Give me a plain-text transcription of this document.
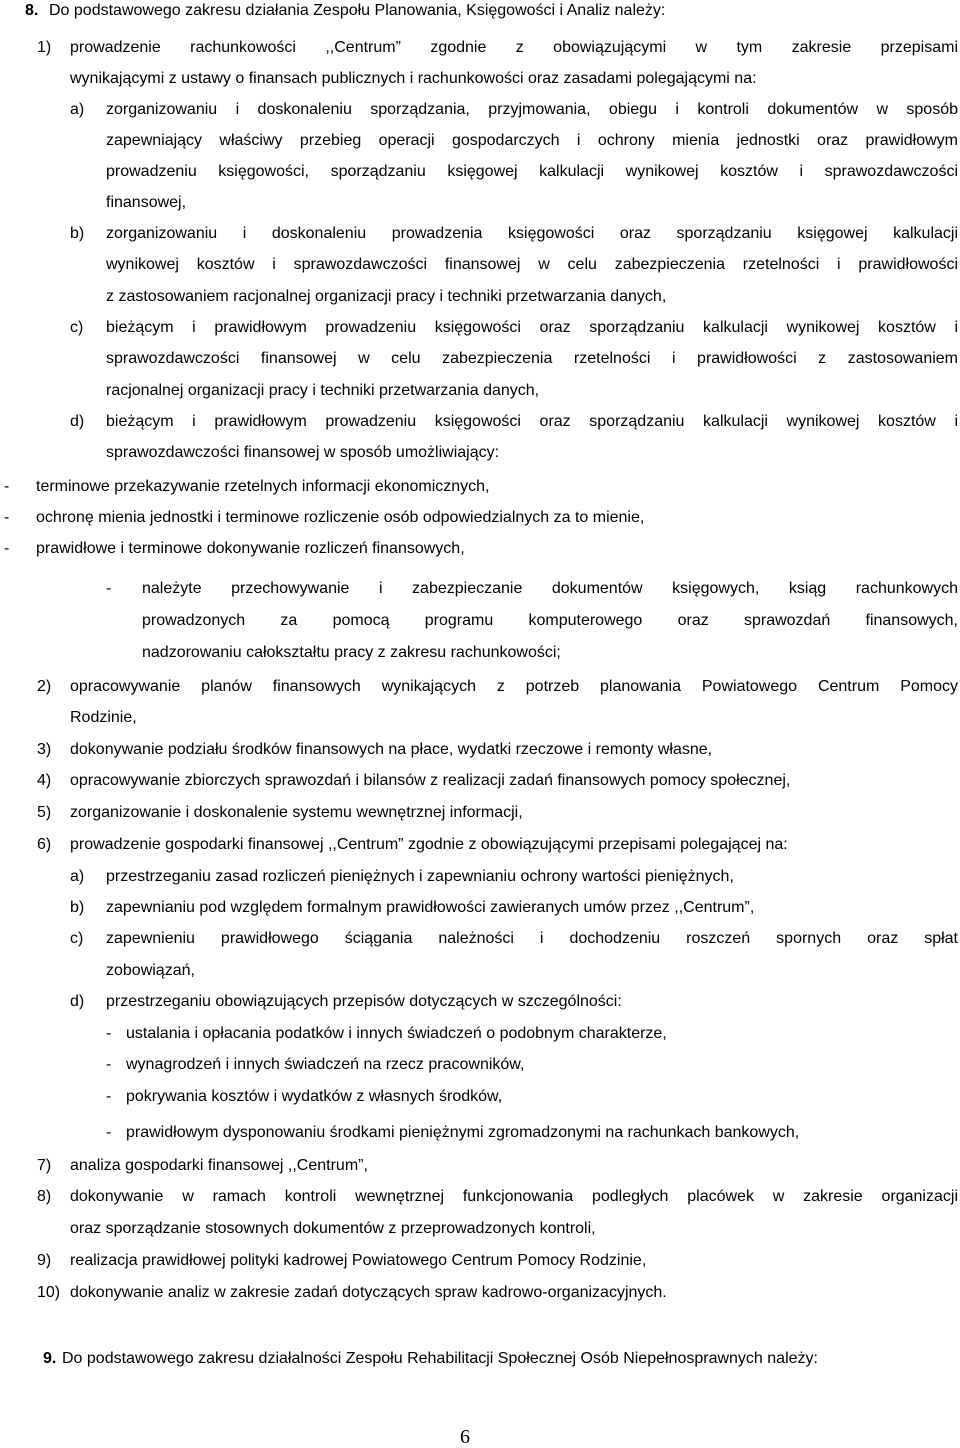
8. Do podstawowego zakresu działania Zespołu Planowania, Księgowości i Analiz należy:
1) prowadzenie rachunkowości ,,Centrum” zgodnie z obowiązującymi w tym zakresie przepisami
wynikającymi z ustawy o finansach publicznych i rachunkowości oraz zasadami polegającymi na:
a) zorganizowaniu i doskonaleniu sporządzania, przyjmowania, obiegu i kontroli dokumentów w sposób
zapewniający właściwy przebieg operacji gospodarczych i ochrony mienia jednostki oraz prawidłowym
prowadzeniu księgowości, sporządzaniu księgowej kalkulacji wynikowej kosztów i sprawozdawczości
finansowej,
b) zorganizowaniu i doskonaleniu prowadzenia księgowości oraz sporządzaniu księgowej kalkulacji
wynikowej kosztów i sprawozdawczości finansowej w celu zabezpieczenia rzetelności i prawidłowości
z zastosowaniem racjonalnej organizacji pracy i techniki przetwarzania danych,
c) bieżącym i prawidłowym prowadzeniu księgowości oraz sporządzaniu kalkulacji wynikowej kosztów i
sprawozdawczości finansowej w celu zabezpieczenia rzetelności i prawidłowości z zastosowaniem
racjonalnej organizacji pracy i techniki przetwarzania danych,
d) bieżącym i prawidłowym prowadzeniu księgowości oraz sporządzaniu kalkulacji wynikowej kosztów i
sprawozdawczości finansowej w sposób umożliwiający:
- terminowe przekazywanie rzetelnych informacji ekonomicznych,
- ochronę mienia jednostki i terminowe rozliczenie osób odpowiedzialnych za to mienie,
- prawidłowe i terminowe dokonywanie rozliczeń finansowych,
- należyte przechowywanie i zabezpieczanie dokumentów księgowych, ksiąg rachunkowych
prowadzonych za pomocą programu komputerowego oraz sprawozdań finansowych,
nadzorowaniu całokształtu pracy z zakresu rachunkowości;
2) opracowywanie planów finansowych wynikających z potrzeb planowania Powiatowego Centrum Pomocy
Rodzinie,
3) dokonywanie podziału środków finansowych na płace, wydatki rzeczowe i remonty własne,
4) opracowywanie zbiorczych sprawozdań i bilansów z realizacji zadań finansowych pomocy społecznej,
5) zorganizowanie i doskonalenie systemu wewnętrznej informacji,
6) prowadzenie gospodarki finansowej ,,Centrum” zgodnie z obowiązującymi przepisami polegającej na:
a) przestrzeganiu zasad rozliczeń pieniężnych i zapewnianiu ochrony wartości pieniężnych,
b) zapewnianiu pod względem formalnym prawidłowości zawieranych umów przez ,,Centrum”,
c) zapewnieniu prawidłowego ściągania należności i dochodzeniu roszczeń spornych oraz spłat
zobowiązań,
d) przestrzeganiu obowiązujących przepisów dotyczących w szczególności:
- ustalania i opłacania podatków i innych świadczeń o podobnym charakterze,
- wynagrodzeń i innych świadczeń na rzecz pracowników,
- pokrywania kosztów i wydatków z własnych środków,
- prawidłowym dysponowaniu środkami pieniężnymi zgromadzonymi na rachunkach bankowych,
7) analiza gospodarki finansowej ,,Centrum”,
8) dokonywanie w ramach kontroli wewnętrznej funkcjonowania podległych placówek w zakresie organizacji
oraz sporządzanie stosownych dokumentów z przeprowadzonych kontroli,
9) realizacja prawidłowej polityki kadrowej Powiatowego Centrum Pomocy Rodzinie,
10) dokonywanie analiz w zakresie zadań dotyczących spraw kadrowo-organizacyjnych.
9. Do podstawowego zakresu działalności Zespołu Rehabilitacji Społecznej Osób Niepełnosprawnych należy:
6
